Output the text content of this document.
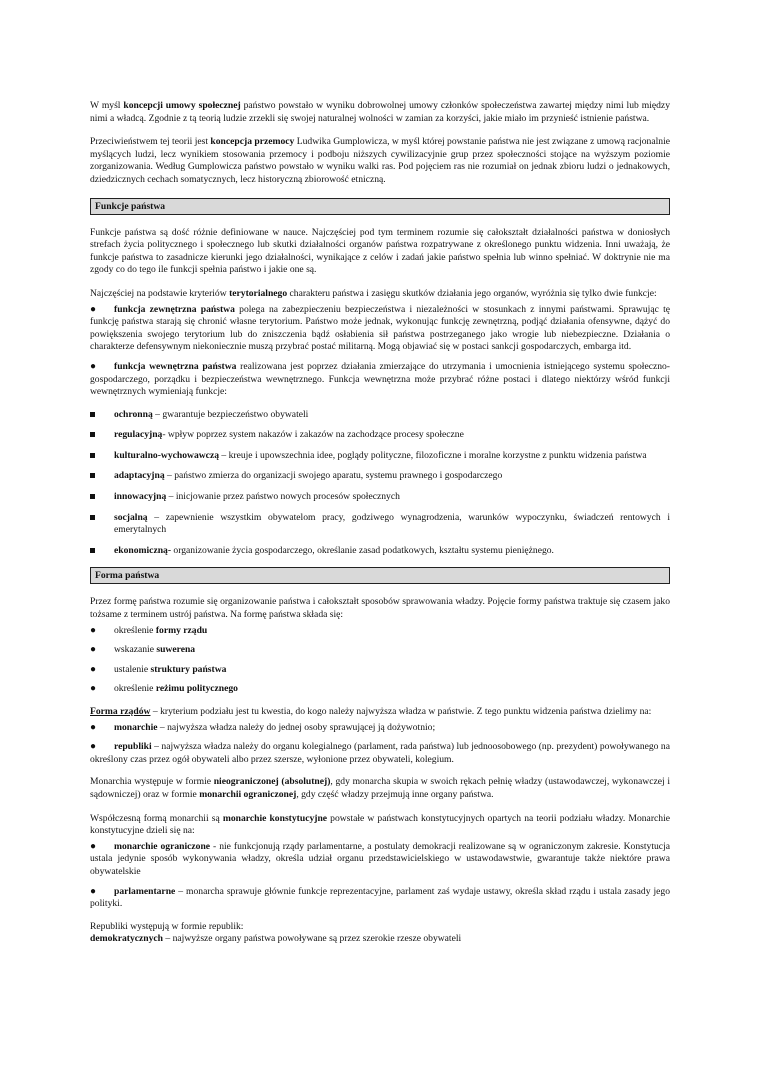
W myśl koncepcji umowy społecznej państwo powstało w wyniku dobrowolnej umowy członków społeczeństwa zawartej między nimi lub między nimi a władcą. Zgodnie z tą teorią ludzie zrzekli się swojej naturalnej wolności w zamian za korzyści, jakie miało im przynieść istnienie państwa.

Przeciwieństwem tej teorii jest koncepcja przemocy Ludwika Gumplowicza, w myśl której powstanie państwa nie jest związane z umową racjonalnie myślących ludzi, lecz wynikiem stosowania przemocy i podboju niższych cywilizacyjnie grup przez społeczności stojące na wyższym poziomie zorganizowania. Według Gumplowicza państwo powstało w wyniku walki ras. Pod pojęciem ras nie rozumiał on jednak zbioru ludzi o jednakowych, dziedzicznych cechach somatycznych, lecz historyczną zbiorowość etniczną.

Funkcje państwa

Funkcje państwa są dość różnie definiowane w nauce. Najczęściej pod tym terminem rozumie się całokształt działalności państwa w doniosłych strefach życia politycznego i społecznego lub skutki działalności organów państwa rozpatrywane z określonego punktu widzenia. Inni uważają, że funkcje państwa to zasadnicze kierunki jego działalności, wynikające z celów i zadań jakie państwo spełnia lub winno spełniać. W doktrynie nie ma zgody co do tego ile funkcji spełnia państwo i jakie one są.

Najczęściej na podstawie kryteriów terytorialnego charakteru państwa i zasięgu skutków działania jego organów, wyróżnia się tylko dwie funkcje:

●	funkcja zewnętrzna państwa polega na zabezpieczeniu bezpieczeństwa i niezależności w stosunkach z innymi państwami. Sprawując tę funkcję państwa starają się chronić własne terytorium. Państwo może jednak, wykonując funkcję zewnętrzną, podjąć działania ofensywne, dążyć do powiększenia swojego terytorium lub do zniszczenia bądź osłabienia sił państwa postrzeganego jako wrogie lub niebezpieczne. Działania o charakterze defensywnym niekoniecznie muszą przybrać postać militarną. Mogą objawiać się w postaci sankcji gospodarczych, embarga itd.
●	funkcja wewnętrzna państwa realizowana jest poprzez działania zmierzające do utrzymania i umocnienia istniejącego systemu społeczno-gospodarczego, porządku i bezpieczeństwa wewnętrznego. Funkcja wewnętrzna może przybrać różne postaci i dlatego niektórzy wśród funkcji wewnętrznych wymieniają funkcje:
ochronną – gwarantuje bezpieczeństwo obywateli
regulacyjną- wpływ poprzez system nakazów i zakazów na zachodzące procesy społeczne
kulturalno-wychowawczą – kreuje i upowszechnia idee, poglądy polityczne, filozoficzne i moralne korzystne z punktu widzenia państwa
adaptacyjną – państwo zmierza do organizacji swojego aparatu, systemu prawnego i gospodarczego
innowacyjną – inicjowanie przez państwo nowych procesów społecznych
socjalną – zapewnienie wszystkim obywatelom pracy, godziwego wynagrodzenia, warunków wypoczynku, świadczeń rentowych i emerytalnych
ekonomiczną- organizowanie życia gospodarczego, określanie zasad podatkowych, kształtu systemu pieniężnego.
Forma państwa

Przez formę państwa rozumie się organizowanie państwa i całokształt sposobów sprawowania władzy. Pojęcie formy państwa traktuje się czasem jako tożsame z terminem ustrój państwa. Na formę państwa składa się:

●	określenie formy rządu
●	wskazanie suwerena
●	ustalenie struktury państwa
●	określenie reżimu politycznego

Forma rządów – kryterium podziału jest tu kwestia, do kogo należy najwyższa władza w państwie. Z tego punktu widzenia państwa dzielimy na:

●	monarchie – najwyższa władza należy do jednej osoby sprawującej ją dożywotnio;
●	republiki – najwyższa władza należy do organu kolegialnego (parlament, rada państwa) lub jednoosobowego (np. prezydent) powoływanego na określony czas przez ogół obywateli albo przez szersze, wyłonione przez obywateli, kolegium.

Monarchia występuje w formie nieograniczonej (absolutnej), gdy monarcha skupia w swoich rękach pełnię władzy (ustawodawczej, wykonawczej i sądowniczej) oraz w formie monarchii ograniczonej, gdy część władzy przejmują inne organy państwa.

Współczesną formą monarchii są monarchie konstytucyjne powstałe w państwach konstytucyjnych opartych na teorii podziału władzy. Monarchie konstytucyjne dzieli się na:

●	monarchie ograniczone - nie funkcjonują rządy parlamentarne, a postulaty demokracji realizowane są w ograniczonym zakresie. Konstytucja ustala jedynie sposób wykonywania władzy, określa udział organu przedstawicielskiego w ustawodawstwie, gwarantuje także niektóre prawa obywatelskie
●	parlamentarne – monarcha sprawuje głównie funkcje reprezentacyjne, parlament zaś wydaje ustawy, określa skład rządu i ustala zasady jego polityki.

Republiki występują w formie republik:

demokratycznych – najwyższe organy państwa powoływane są przez szerokie rzesze obywateli
